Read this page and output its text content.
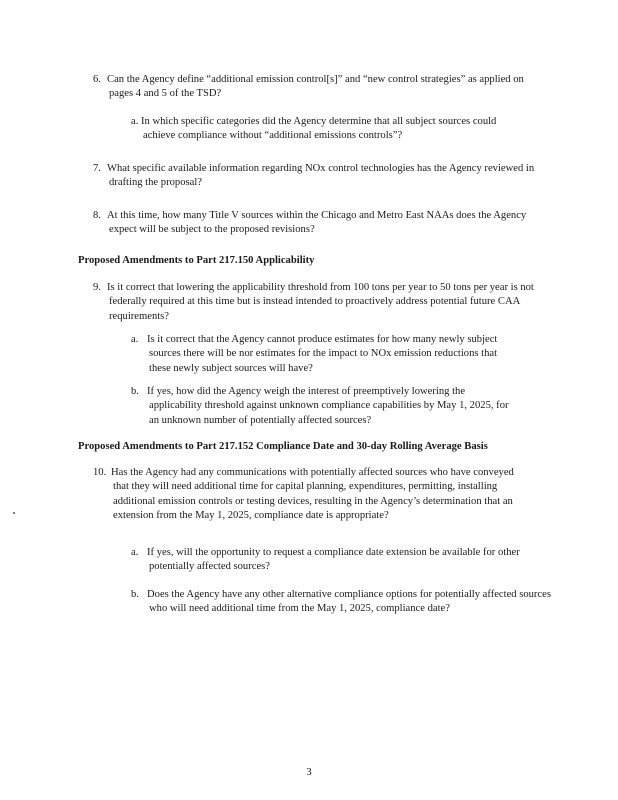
6. Can the Agency define “additional emission control[s]” and “new control strategies” as applied on pages 4 and 5 of the TSD?
a. In which specific categories did the Agency determine that all subject sources could achieve compliance without “additional emissions controls”?
7. What specific available information regarding NOx control technologies has the Agency reviewed in drafting the proposal?
8. At this time, how many Title V sources within the Chicago and Metro East NAAs does the Agency expect will be subject to the proposed revisions?
Proposed Amendments to Part 217.150 Applicability
9. Is it correct that lowering the applicability threshold from 100 tons per year to 50 tons per year is not federally required at this time but is instead intended to proactively address potential future CAA requirements?
a. Is it correct that the Agency cannot produce estimates for how many newly subject sources there will be nor estimates for the impact to NOx emission reductions that these newly subject sources will have?
b. If yes, how did the Agency weigh the interest of preemptively lowering the applicability threshold against unknown compliance capabilities by May 1, 2025, for an unknown number of potentially affected sources?
Proposed Amendments to Part 217.152 Compliance Date and 30-day Rolling Average Basis
10. Has the Agency had any communications with potentially affected sources who have conveyed that they will need additional time for capital planning, expenditures, permitting, installing additional emission controls or testing devices, resulting in the Agency’s determination that an extension from the May 1, 2025, compliance date is appropriate?
a. If yes, will the opportunity to request a compliance date extension be available for other potentially affected sources?
b. Does the Agency have any other alternative compliance options for potentially affected sources who will need additional time from the May 1, 2025, compliance date?
3
